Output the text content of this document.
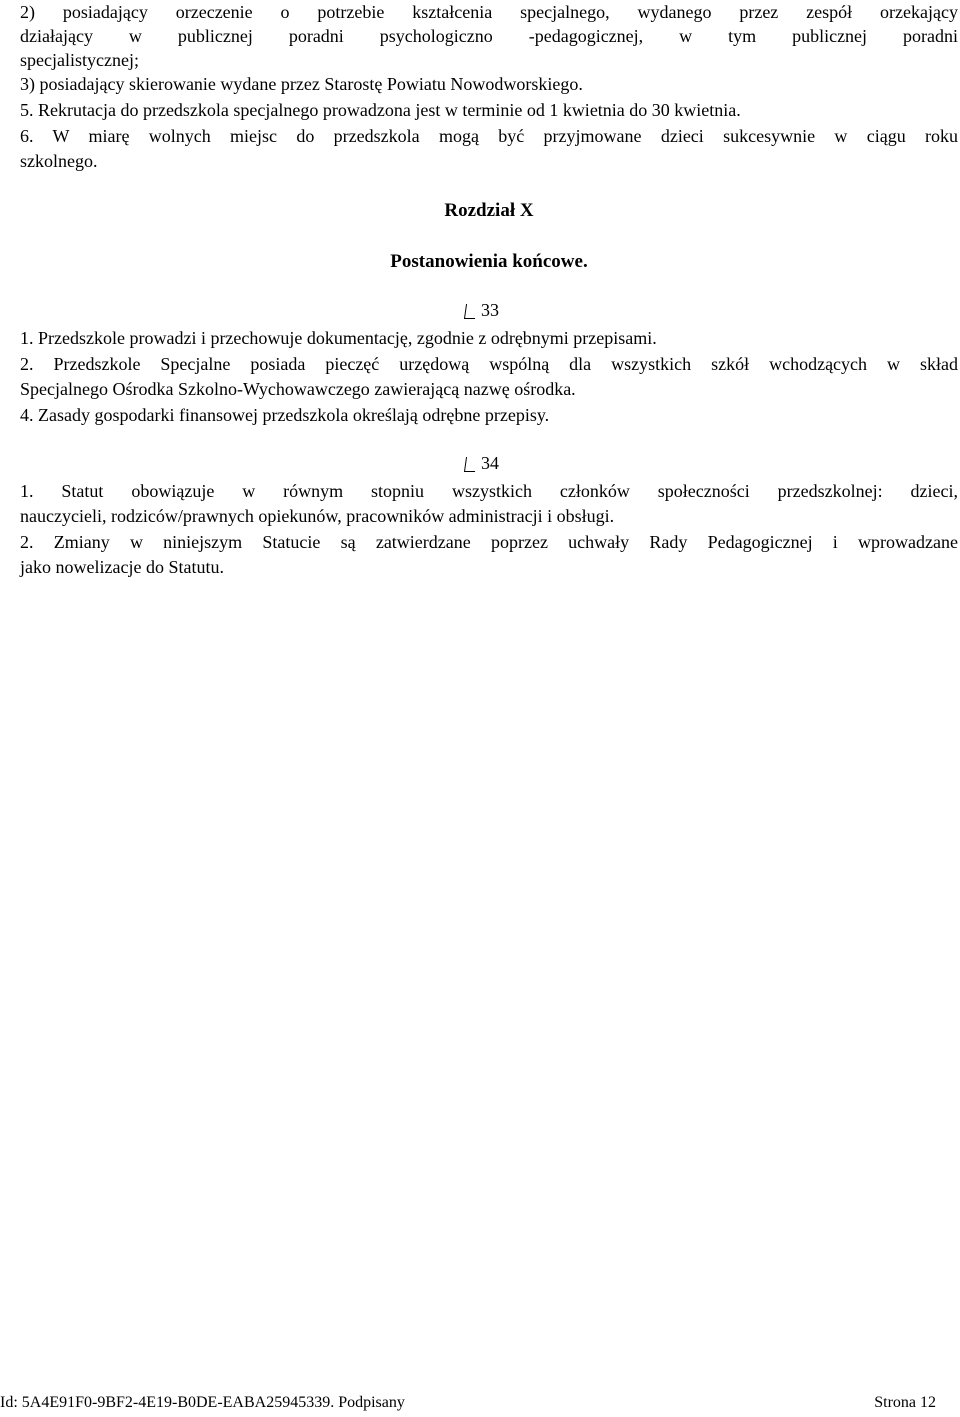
2) posiadający orzeczenie o potrzebie kształcenia specjalnego, wydanego przez zespół orzekający
działający w publicznej poradni psychologiczno -pedagogicznej, w tym publicznej poradni
specjalistycznej;
3) posiadający skierowanie wydane przez Starostę Powiatu Nowodworskiego.
5. Rekrutacja do przedszkola specjalnego prowadzona jest w terminie od 1 kwietnia do 30 kwietnia.
6. W miarę wolnych miejsc do przedszkola mogą być przyjmowane dzieci sukcesywnie w ciągu roku
szkolnego.
Rozdział X
Postanowienia końcowe.
33
1. Przedszkole prowadzi i przechowuje dokumentację, zgodnie z odrębnymi przepisami.
2. Przedszkole Specjalne posiada pieczęć urzędową wspólną dla wszystkich szkół wchodzących w skład
Specjalnego Ośrodka Szkolno-Wychowawczego zawierającą nazwę ośrodka.
4. Zasady gospodarki finansowej przedszkola określają odrębne przepisy.
34
1. Statut obowiązuje w równym stopniu wszystkich członków społeczności przedszkolnej: dzieci,
nauczycieli, rodziców/prawnych opiekunów, pracowników administracji i obsługi.
2. Zmiany w niniejszym Statucie są zatwierdzane poprzez uchwały Rady Pedagogicznej i wprowadzane
jako nowelizacje do Statutu.
Id: 5A4E91F0-9BF2-4E19-B0DE-EABA25945339. Podpisany	Strona 12
